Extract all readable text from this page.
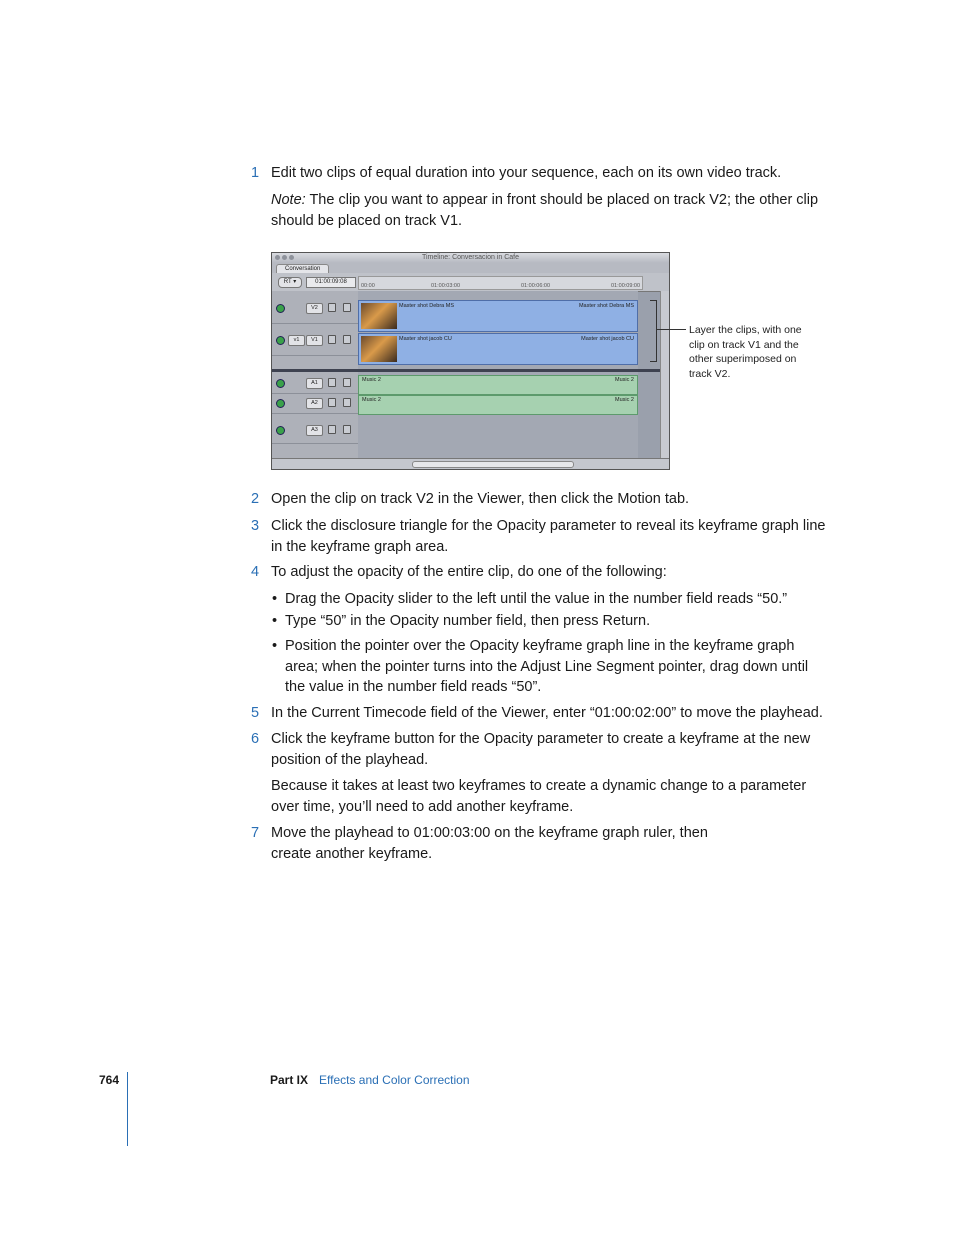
1 Edit two clips of equal duration into your sequence, each on its own video track.
Note: The clip you want to appear in front should be placed on track V2; the other clip should be placed on track V1.
Timeline: Conversacion in Cafe
Conversation
RT ▾	01:00:09:08
00:00	01:00:03:00	01:00:06:00	01:00:09:00
V2
v1	V1
A1
A2
A3
Master shot Debra MS	Master shot Debra MS
Master shot jacob CU	Master shot jacob CU
Music 2	Music 2
Music 2	Music 2
Layer the clips, with one clip on track V1 and the other superimposed on track V2.
2 Open the clip on track V2 in the Viewer, then click the Motion tab.
3 Click the disclosure triangle for the Opacity parameter to reveal its keyframe graph line in the keyframe graph area.
4 To adjust the opacity of the entire clip, do one of the following:
• Drag the Opacity slider to the left until the value in the number field reads “50.”
• Type “50” in the Opacity number field, then press Return.
• Position the pointer over the Opacity keyframe graph line in the keyframe graph area; when the pointer turns into the Adjust Line Segment pointer, drag down until the value in the number field reads “50”.
5 In the Current Timecode field of the Viewer, enter “01:00:02:00” to move the playhead.
6 Click the keyframe button for the Opacity parameter to create a keyframe at the new position of the playhead.
Because it takes at least two keyframes to create a dynamic change to a parameter over time, you’ll need to add another keyframe.
7 Move the playhead to 01:00:03:00 on the keyframe graph ruler, then create another keyframe.
764	Part IX Effects and Color Correction
